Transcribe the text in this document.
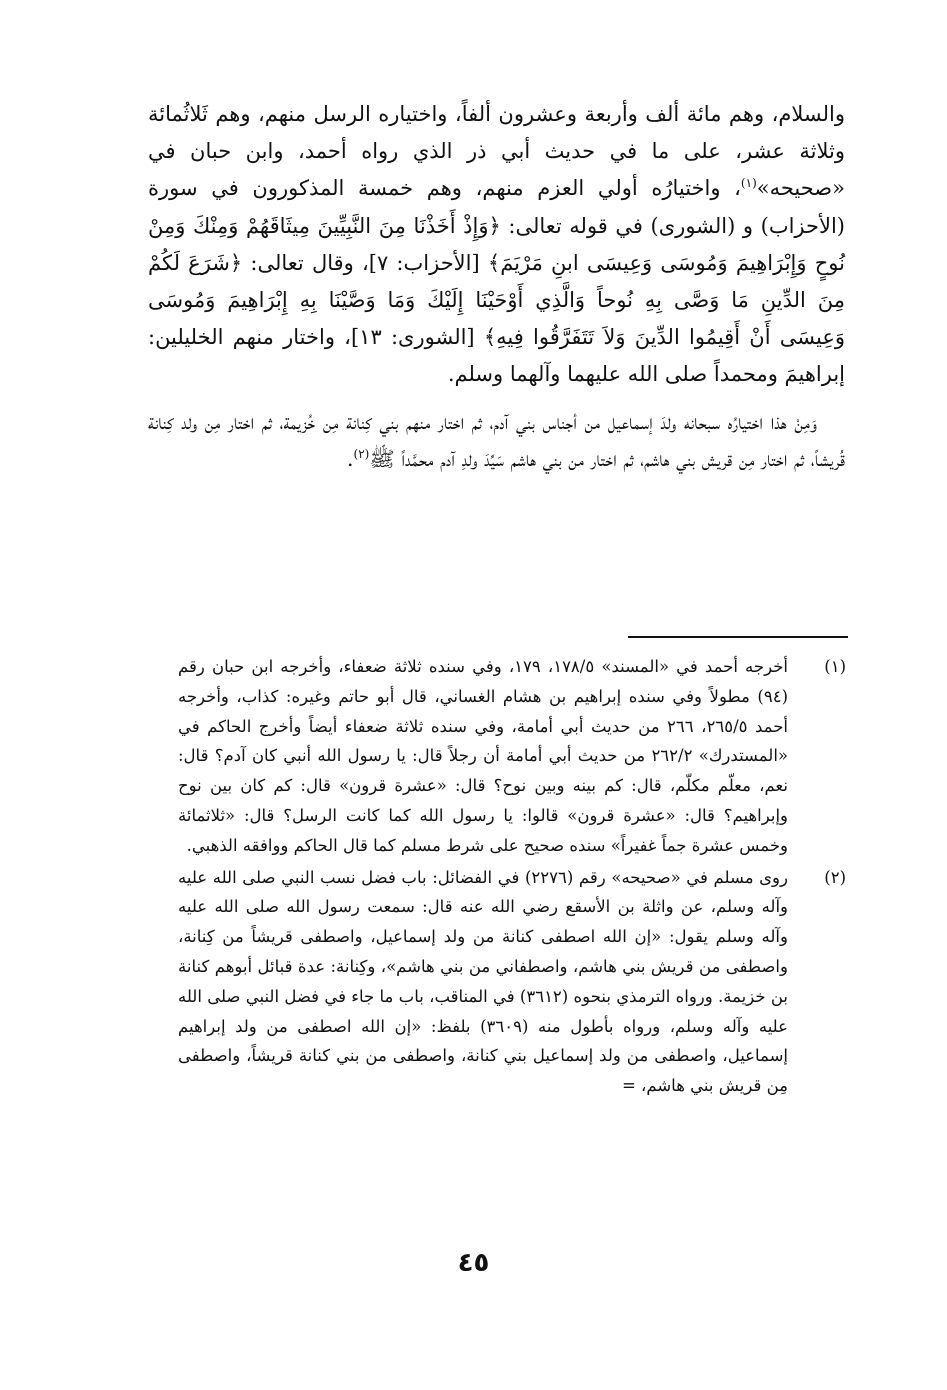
والسلام، وهم مائة ألف وأربعة وعشرون ألفاً، واختياره الرسل منهم، وهم ثَلاثُمائة وثلاثة عشر، على ما في حديث أبي ذر الذي رواه أحمد، وابن حبان في «صحيحه»$^{(١)}$، واختيارُه أولي العزم منهم، وهم خمسة المذكورون في سورة (الأحزاب) و (الشورى) في قوله تعالى: ﴿وَإِذْ أَخَذْنَا مِنَ النَّبِيِّينَ مِيثَاقَهُمْ وَمِنْكَ وَمِنْ نُوحٍ وَإِبْرَاهِيمَ وَمُوسَى وَعِيسَى ابنِ مَرْيَمَ﴾ [الأحزاب: ٧]، وقال تعالى: ﴿شَرَعَ لَكُمْ مِنَ الدِّينِ مَا وَصَّى بِهِ نُوحاً وَالَّذِي أَوْحَيْنَا إِلَيْكَ وَمَا وَصَّيْنَا بِهِ إِبْرَاهِيمَ وَمُوسَى وَعِيسَى أَنْ أَقِيمُوا الدِّينَ وَلاَ تَتَفَرَّقُوا فِيهِ﴾ [الشورى: ١٣]، واختار منهم الخليلين: إبراهيمَ ومحمداً صلى الله عليهما وآلهما وسلم.

وَمِنْ هذا اختيارُه سبحانه ولدَ إسماعيل من أجناس بني آدم، ثم اختار منهم بني كِنانة مِن خُزيمة، ثم اختار مِن ولد كِنانة قُريشاً، ثم اختار مِن قريش بني هاشم، ثم اختار من بني هاشم سَيِّدَ ولدِ آدم محمَّداً ﷺ$^{(٢)}$.

(١)
أخرجه أحمد في «المسند» ١٧٨/٥، ١٧٩، وفي سنده ثلاثة ضعفاء، وأخرجه ابن حبان رقم (٩٤) مطولاً وفي سنده إبراهيم بن هشام الغساني، قال أبو حاتم وغيره: كذاب، وأخرجه أحمد ٢٦٥/٥، ٢٦٦ من حديث أبي أمامة، وفي سنده ثلاثة ضعفاء أيضاً وأخرج الحاكم في «المستدرك» ٢٦٢/٢ من حديث أبي أمامة أن رجلاً قال: يا رسول الله أنبي كان آدم؟ قال: نعم، معلّم مكلّم، قال: كم بينه وبين نوح؟ قال: «عشرة قرون» قال: كم كان بين نوح وإبراهيم؟ قال: «عشرة قرون» قالوا: يا رسول الله كما كانت الرسل؟ قال: «ثلاثمائة وخمس عشرة جماً غفيراً» سنده صحيح على شرط مسلم كما قال الحاكم ووافقه الذهبي.
(٢)
روى مسلم في «صحيحه» رقم (٢٢٧٦) في الفضائل: باب فضل نسب النبي صلى الله عليه وآله وسلم، عن واثلة بن الأسقع رضي الله عنه قال: سمعت رسول الله صلى الله عليه وآله وسلم يقول: «إن الله اصطفى كنانة من ولد إسماعيل، واصطفى قريشاً من كِنانة، واصطفى من قريش بني هاشم، واصطفاني من بني هاشم»، وكِنانة: عدة قبائل أبوهم كنانة بن خزيمة. ورواه الترمذي بنحوه (٣٦١٢) في المناقب، باب ما جاء في فضل النبي صلى الله عليه وآله وسلم، ورواه بأطول منه (٣٦٠٩) بلفظ: «إن الله اصطفى من ولد إبراهيم إسماعيل، واصطفى من ولد إسماعيل بني كنانة، واصطفى من بني كنانة قريشاً، واصطفى مِن قريش بني هاشم، =
٤٥
